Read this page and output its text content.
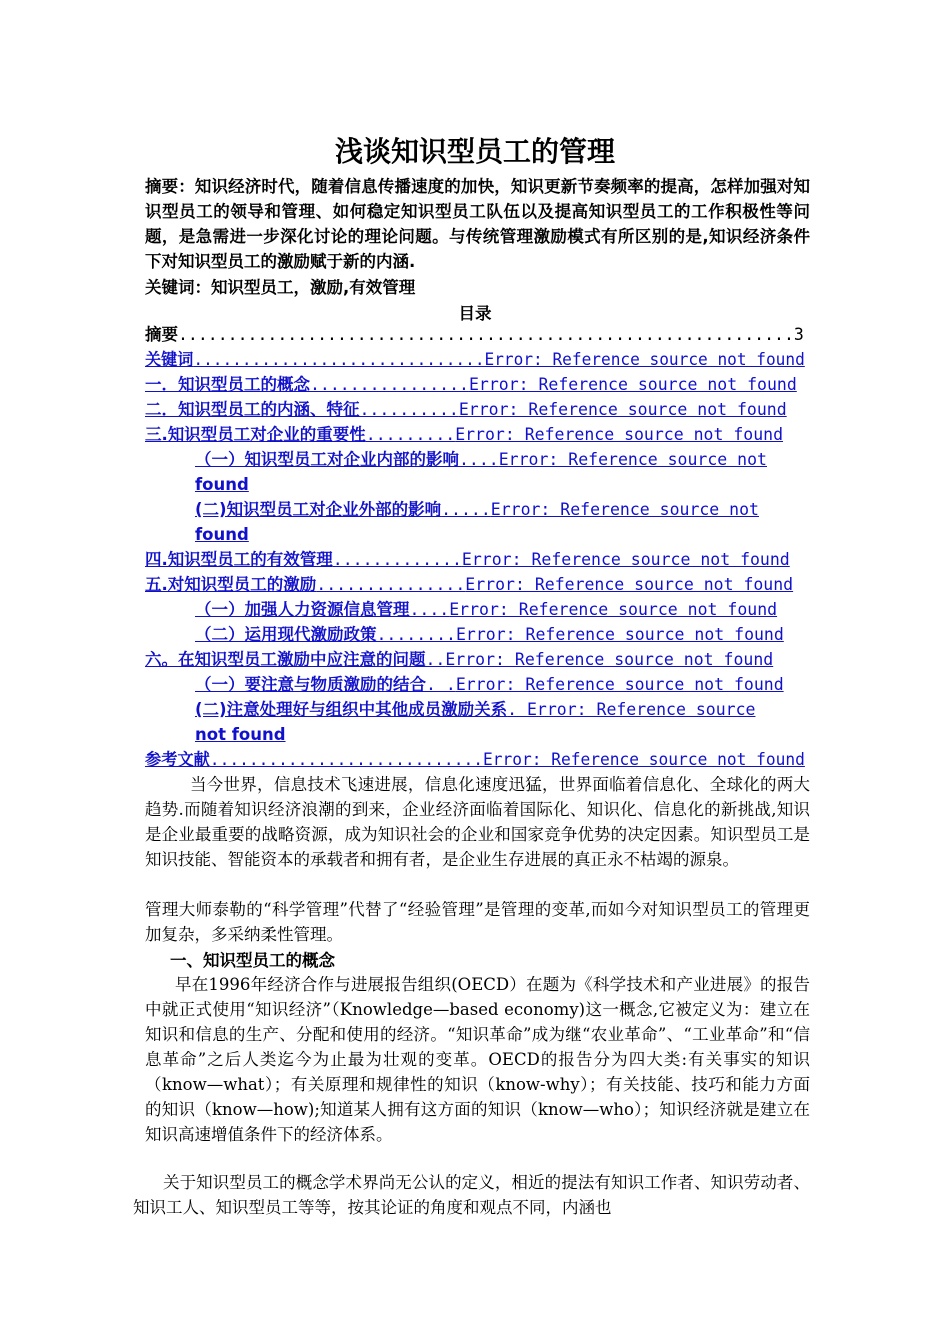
浅谈知识型员工的管理
摘要：知识经济时代，随着信息传播速度的加快，知识更新节奏频率的提高，怎样加强对知识型员工的领导和管理、如何稳定知识型员工队伍以及提高知识型员工的工作积极性等问题，是急需进一步深化讨论的理论问题。与传统管理激励模式有所区别的是,知识经济条件下对知识型员工的激励赋于新的内涵.
关键词：知识型员工，激励,有效管理
目录
摘要..............................................................3
关键词..............................Error: Reference source not found
一．知识型员工的概念................Error: Reference source not found
二．知识型员工的内涵、特征..........Error: Reference source not found
三.知识型员工对企业的重要性.........Error: Reference source not found
（一）知识型员工对企业内部的影响....Error: Reference source not
found
(二)知识型员工对企业外部的影响.....Error: Reference source not
found
四.知识型员工的有效管理.............Error: Reference source not found
五.对知识型员工的激励...............Error: Reference source not found
（一）加强人力资源信息管理....Error: Reference source not found
（二）运用现代激励政策........Error: Reference source not found
六。在知识型员工激励中应注意的问题..Error: Reference source not found
（一）要注意与物质激励的结合. .Error: Reference source not found
(二)注意处理好与组织中其他成员激励关系. Error: Reference source
not found
参考文献............................Error: Reference source not found
当今世界，信息技术飞速进展，信息化速度迅猛，世界面临着信息化、全球化的两大趋势.而随着知识经济浪潮的到来，企业经济面临着国际化、知识化、信息化的新挑战,知识是企业最重要的战略资源，成为知识社会的企业和国家竞争优势的决定因素。知识型员工是知识技能、智能资本的承载者和拥有者，是企业生存进展的真正永不枯竭的源泉。
管理大师泰勒的“科学管理”代替了“经验管理”是管理的变革,而如今对知识型员工的管理更加复杂，多采纳柔性管理。
一、知识型员工的概念
早在1996年经济合作与进展报告组织(OECD）在题为《科学技术和产业进展》的报告中就正式使用“知识经济”（Knowledge—based economy)这一概念,它被定义为：建立在知识和信息的生产、分配和使用的经济。“知识革命”成为继“农业革命”、“工业革命”和“信息革命”之后人类迄今为止最为壮观的变革。OECD的报告分为四大类:有关事实的知识（know—what）；有关原理和规律性的知识（know-why）；有关技能、技巧和能力方面的知识（know—how);知道某人拥有这方面的知识（know—who）；知识经济就是建立在知识高速增值条件下的经济体系。
关于知识型员工的概念学术界尚无公认的定义，相近的提法有知识工作者、知识劳动者、知识工人、知识型员工等等，按其论证的角度和观点不同，内涵也
